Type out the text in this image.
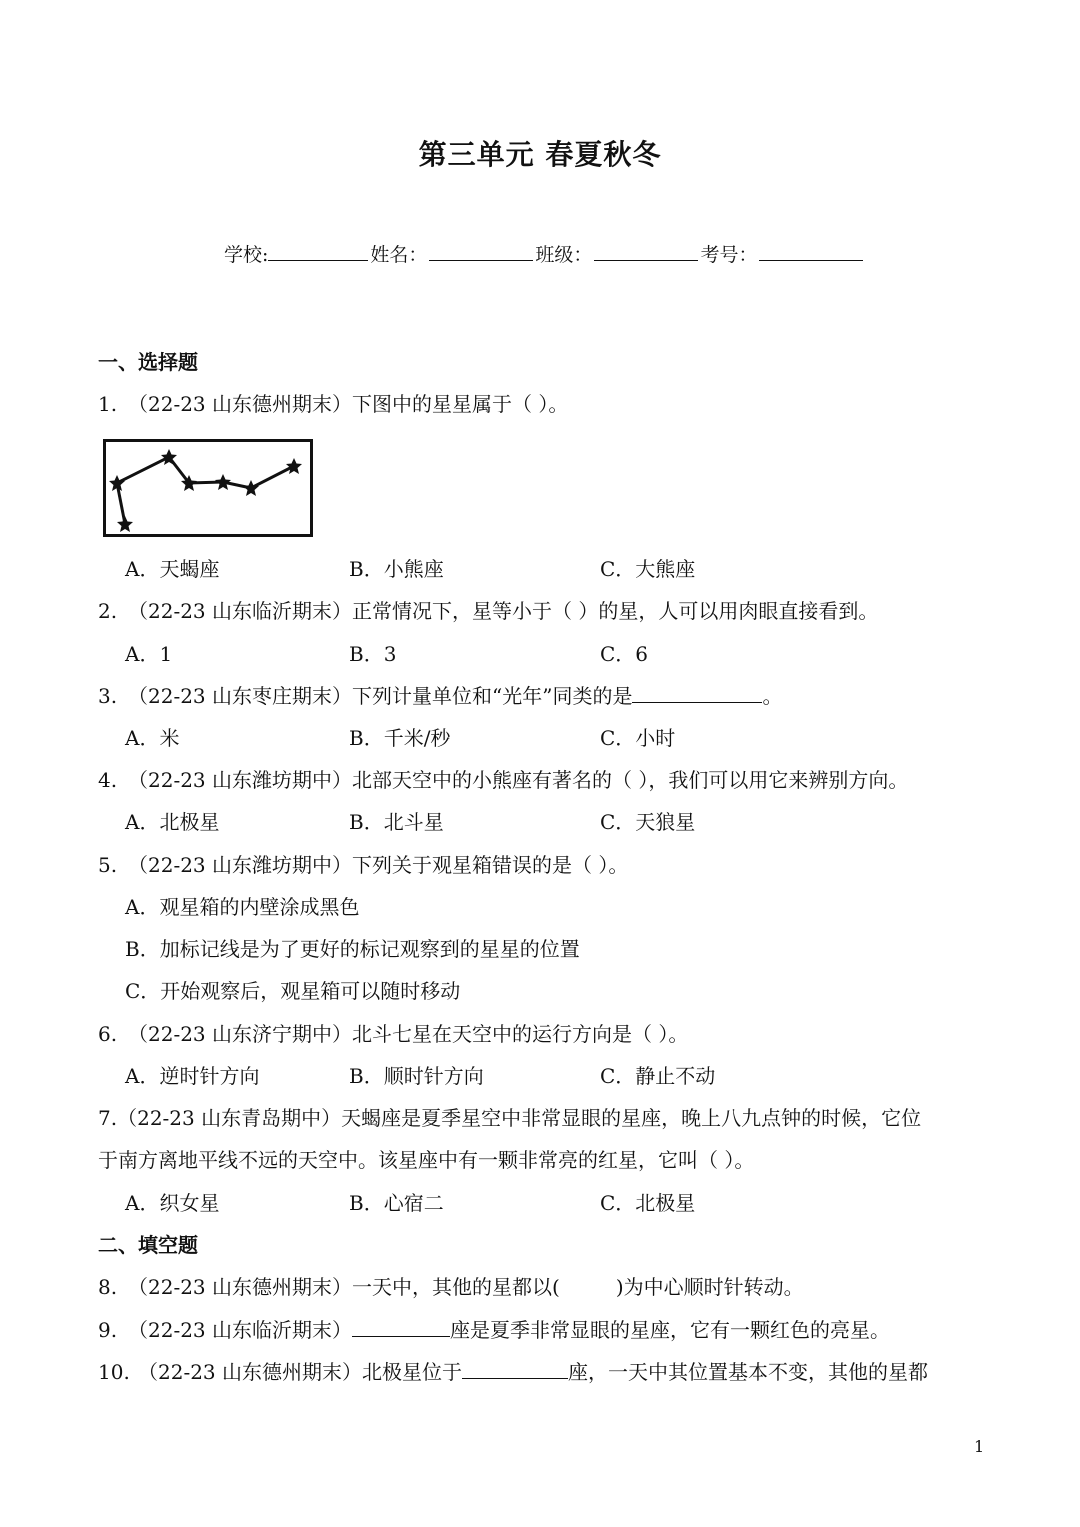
第三单元 春夏秋冬
学校:	姓名：	班级：	考号：
一、选择题
1. （22-23 山东德州期末）下图中的星星属于（ ）。
A．天蝎座	B．小熊座	C．大熊座
2. （22-23 山东临沂期末）正常情况下，星等小于（ ）的星，人可以用肉眼直接看到。
A．1	B．3	C．6
3. （22-23 山东枣庄期末）下列计量单位和“光年”同类的是	。
A．米	B．千米/秒	C．小时
4. （22-23 山东潍坊期中）北部天空中的小熊座有著名的（ ），我们可以用它来辨别方向。
A．北极星	B．北斗星	C．天狼星
5. （22-23 山东潍坊期中）下列关于观星箱错误的是（ ）。
A．观星箱的内壁涂成黑色
B．加标记线是为了更好的标记观察到的星星的位置
C．开始观察后，观星箱可以随时移动
6. （22-23 山东济宁期中）北斗七星在天空中的运行方向是（ ）。
A．逆时针方向	B．顺时针方向	C．静止不动
7.（22-23 山东青岛期中）天蝎座是夏季星空中非常显眼的星座，晚上八九点钟的时候，它位
于南方离地平线不远的天空中。该星座中有一颗非常亮的红星，它叫（ ）。
A．织女星	B．心宿二	C．北极星
二、填空题
8. （22-23 山东德州期末）一天中，其他的星都以(	)为中心顺时针转动。
9. （22-23 山东临沂期末）	座是夏季非常显眼的星座，它有一颗红色的亮星。
10. （22-23 山东德州期末）北极星位于	座，一天中其位置基本不变，其他的星都
1
